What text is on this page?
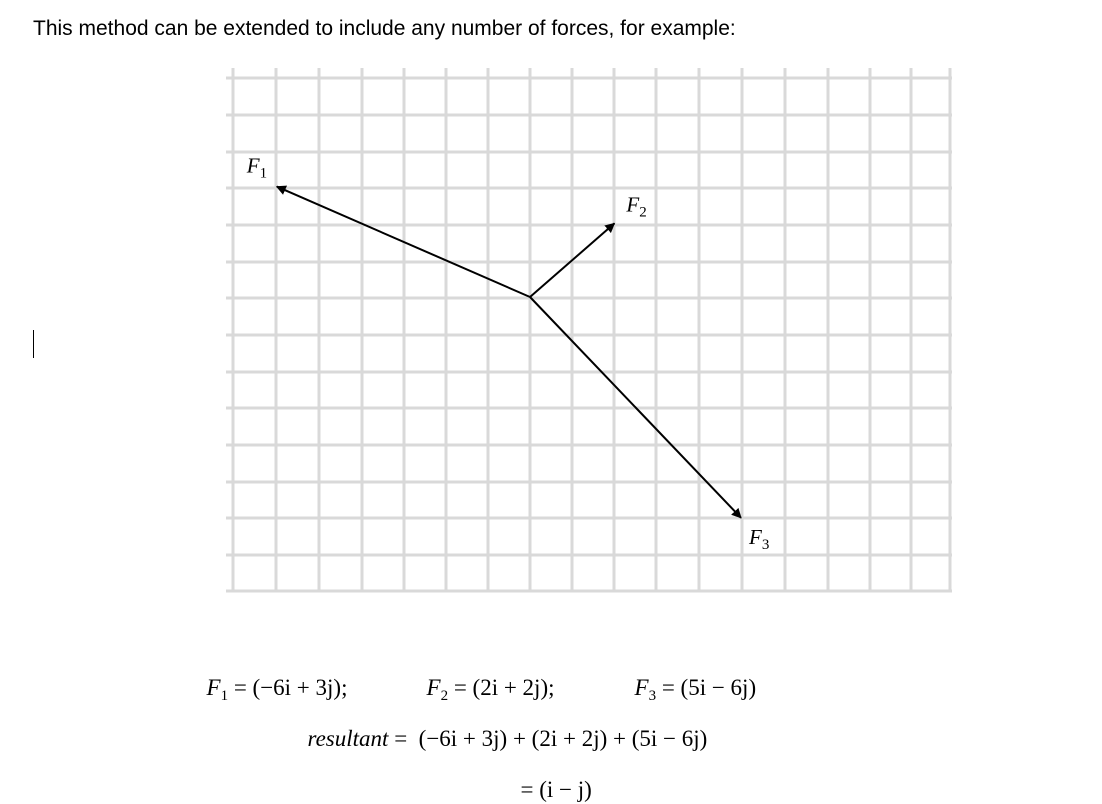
This method can be extended to include any number of forces, for example:
F1
F2
F3

$F_1 = (-6i + 3j)$;	$F_2 = (2i + 2j)$;	$F_3 = (5i - 6j)$

resultant =  (−6i + 3j) + (2i + 2j) + (5i − 6j)

= (i − j)
